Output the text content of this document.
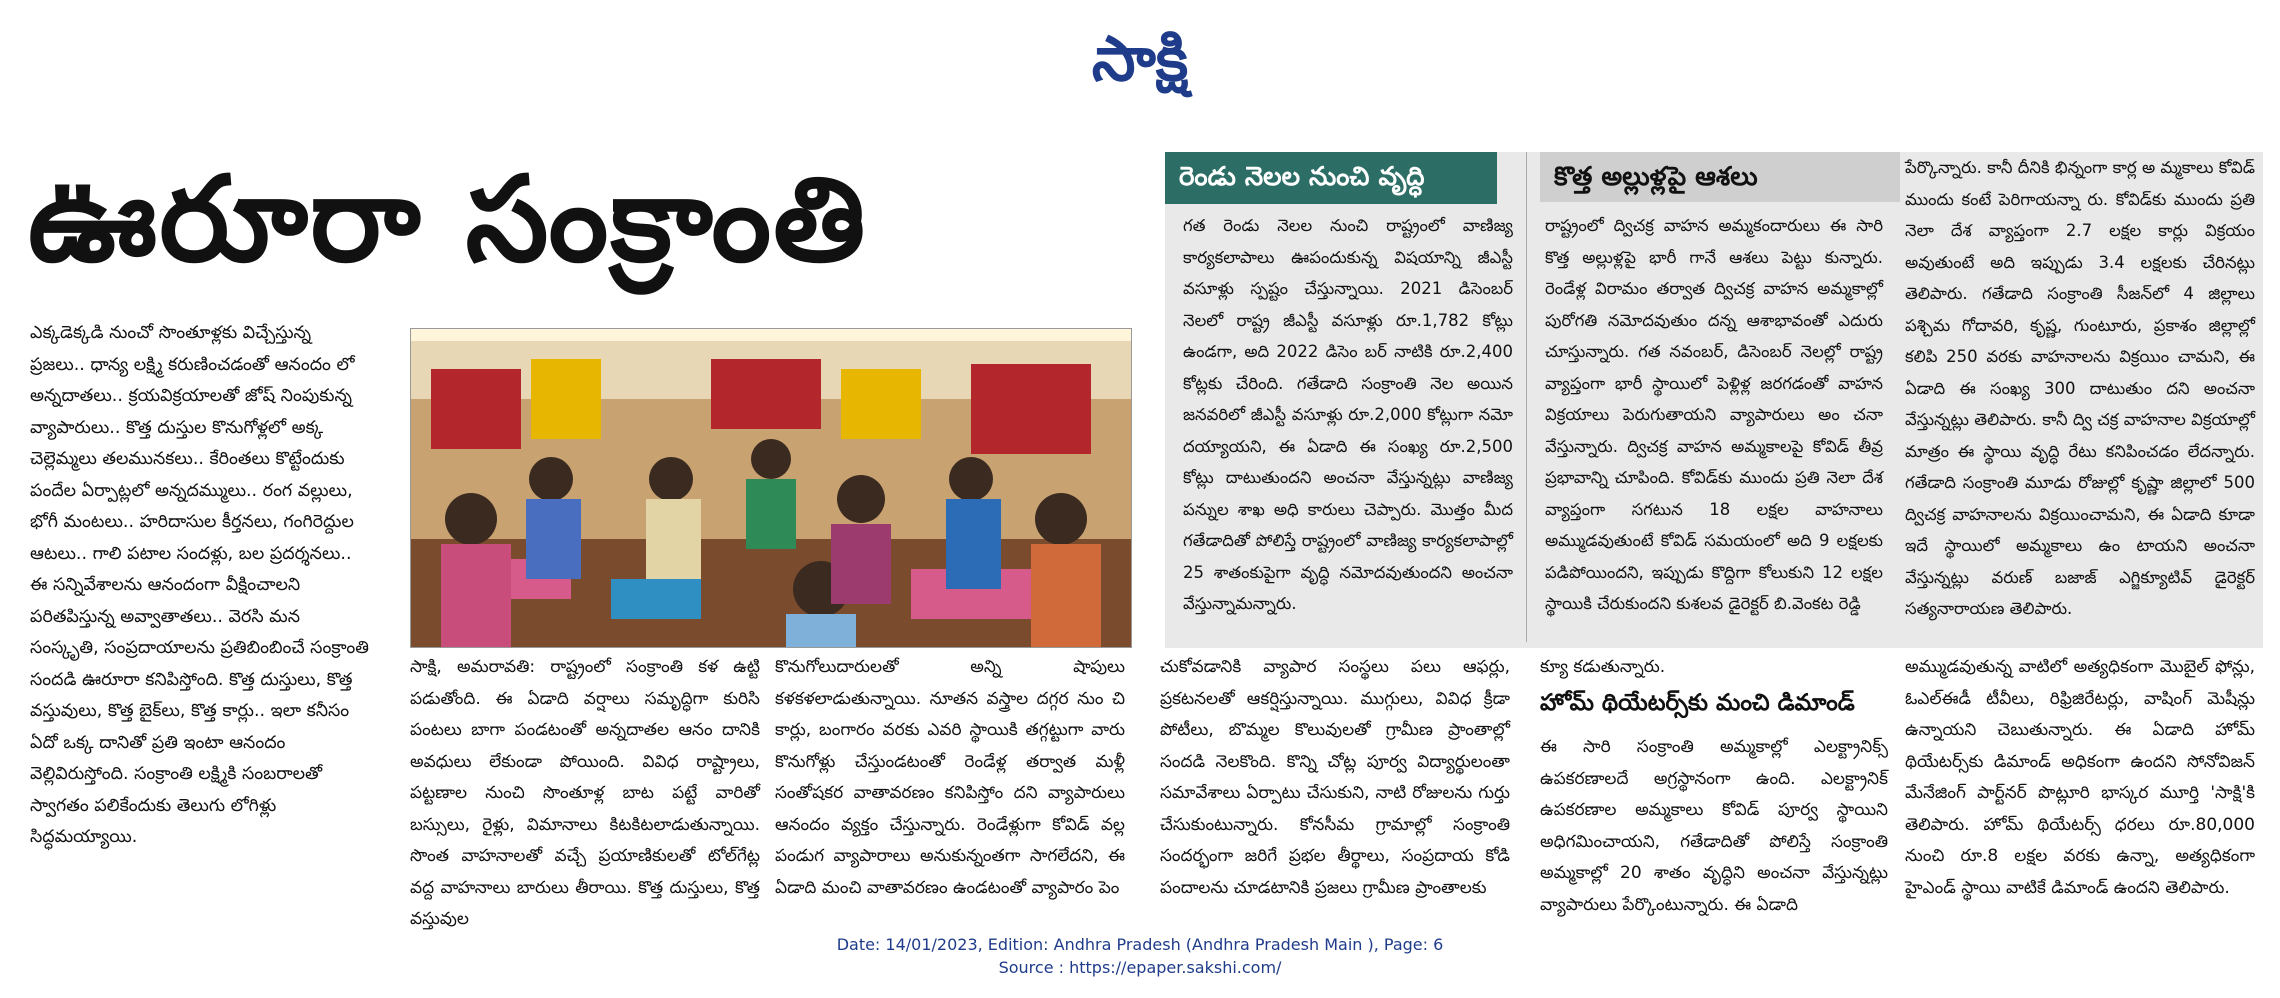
సాక్షి
ఊరూరా సంక్రాంతి
ఎక్కడెక్కడి నుంచో సొంతూళ్లకు విచ్చేస్తున్న ప్రజలు.. ధాన్య లక్ష్మి కరుణించడంతో ఆనందం లో అన్నదాతలు.. క్రయవిక్రయాలతో జోష్ నింపుకున్న వ్యాపారులు.. కొత్త దుస్తుల కొనుగోళ్లలో అక్క చెల్లెమ్మలు తలమునకలు.. కేరింతలు కొట్టేందుకు పందేల ఏర్పాట్లలో అన్నదమ్ములు.. రంగ వల్లులు, భోగీ మంటలు.. హరిదాసుల కీర్తనలు, గంగిరెద్దుల ఆటలు.. గాలి పటాల సందళ్లు, బల ప్రదర్శనలు.. ఈ సన్నివేశాలను ఆనందంగా వీక్షించాలని పరితపిస్తున్న అవ్వాతాతలు.. వెరసి మన సంస్కృతి, సంప్రదాయాలను ప్రతిబింబించే సంక్రాంతి సందడి ఊరూరా కనిపిస్తోంది. కొత్త దుస్తులు, కొత్త వస్తువులు, కొత్త బైక్‌లు, కొత్త కార్లు.. ఇలా కనీసం ఏదో ఒక్క దానితో ప్రతి ఇంటా ఆనందం వెల్లివిరుస్తోంది. సంక్రాంతి లక్ష్మికి సంబరాలతో స్వాగతం పలికేందుకు తెలుగు లోగిళ్లు సిద్ధమయ్యాయి.
సాక్షి, అమరావతి: రాష్ట్రంలో సంక్రాంతి కళ ఉట్టి పడుతోంది. ఈ ఏడాది వర్షాలు సమృద్ధిగా కురిసి పంటలు బాగా పండటంతో అన్నదాతల ఆనం దానికి అవధులు లేకుండా పోయింది. వివిధ రాష్ట్రాలు, పట్టణాల నుంచి సొంతూళ్ల బాట పట్టే వారితో బస్సులు, రైళ్లు, విమానాలు కిటకిటలాడుతున్నాయి. సొంత వాహనాలతో వచ్చే ప్రయాణికులతో టోల్‌గేట్ల వద్ద వాహనాలు బారులు తీరాయి. కొత్త దుస్తులు, కొత్త వస్తువుల
కొనుగోలుదారులతో అన్ని షాపులు కళకళలాడుతున్నాయి. నూతన వస్త్రాల దగ్గర నుం చి కార్లు, బంగారం వరకు ఎవరి స్థాయికి తగ్గట్టుగా వారు కొనుగోళ్లు చేస్తుండటంతో రెండేళ్ల తర్వాత మళ్లీ సంతోషకర వాతావరణం కనిపిస్తోం దని వ్యాపారులు ఆనందం వ్యక్తం చేస్తున్నారు. రెండేళ్లుగా కోవిడ్ వల్ల పండుగ వ్యాపారాలు అనుకున్నంతగా సాగలేదని, ఈ ఏడాది మంచి వాతావరణం ఉండటంతో వ్యాపారం పెం
చుకోవడానికి వ్యాపార సంస్థలు పలు ఆఫర్లు, ప్రకటనలతో ఆకర్షిస్తున్నాయి. ముగ్గులు, వివిధ క్రీడా పోటీలు, బొమ్మల కొలువులతో గ్రామీణ ప్రాంతాల్లో సందడి నెలకొంది. కొన్ని చోట్ల పూర్వ విద్యార్థులంతా సమావేశాలు ఏర్పాటు చేసుకుని, నాటి రోజులను గుర్తు చేసుకుంటున్నారు. కోనసీమ గ్రామాల్లో సంక్రాంతి సందర్భంగా జరిగే ప్రభల తీర్థాలు, సంప్రదాయ కోడి పందాలను చూడటానికి ప్రజలు గ్రామీణ ప్రాంతాలకు
క్యూ కడుతున్నారు.
హోమ్ థియేటర్స్‌కు మంచి డిమాండ్
ఈ సారి సంక్రాంతి అమ్మకాల్లో ఎలక్ట్రానిక్స్ ఉపకరణాలదే అగ్రస్థానంగా ఉంది. ఎలక్ట్రానిక్ ఉపకరణాల అమ్మకాలు కోవిడ్ పూర్వ స్థాయిని అధిగమించాయని, గతేడాదితో పోలిస్తే సంక్రాంతి అమ్మకాల్లో 20 శాతం వృద్ధిని అంచనా వేస్తున్నట్లు వ్యాపారులు పేర్కొంటున్నారు. ఈ ఏడాది
అమ్ముడవుతున్న వాటిలో అత్యధికంగా మొబైల్ ఫోన్లు, ఓఎల్ఈడీ టీవీలు, రిఫ్రిజిరేటర్లు, వాషింగ్ మెషీన్లు ఉన్నాయని చెబుతున్నారు. ఈ ఏడాది హోమ్ థియేటర్స్‌కు డిమాండ్ అధికంగా ఉందని సోనోవిజన్ మేనేజింగ్ పార్ట్‌నర్ పొట్లూరి భాస్కర మూర్తి 'సాక్షి'కి తెలిపారు. హోమ్ థియేటర్స్ ధరలు రూ.80,000 నుంచి రూ.8 లక్షల వరకు ఉన్నా, అత్యధికంగా హైఎండ్ స్థాయి వాటికే డిమాండ్ ఉందని తెలిపారు.
రెండు నెలల నుంచి వృద్ధి
గత రెండు నెలల నుంచి రాష్ట్రంలో వాణిజ్య కార్యకలాపాలు ఊపందుకున్న విషయాన్ని జీఎస్టీ వసూళ్లు స్పష్టం చేస్తున్నాయి. 2021 డిసెంబర్ నెలలో రాష్ట్ర జీఎస్టీ వసూళ్లు రూ.1,782 కోట్లు ఉండగా, అది 2022 డిసెం బర్ నాటికి రూ.2,400 కోట్లకు చేరింది. గతేడాది సంక్రాంతి నెల అయిన జనవరిలో జీఎస్టీ వసూళ్లు రూ.2,000 కోట్లుగా నమో దయ్యాయని, ఈ ఏడాది ఈ సంఖ్య రూ.2,500 కోట్లు దాటుతుందని అంచనా వేస్తున్నట్లు వాణిజ్య పన్నుల శాఖ అధి కారులు చెప్పారు. మొత్తం మీద గతేడాదితో పోలిస్తే రాష్ట్రంలో వాణిజ్య కార్యకలాపాల్లో 25 శాతంకుపైగా వృద్ధి నమోదవుతుందని అంచనా వేస్తున్నామన్నారు.
కొత్త అల్లుళ్లపై ఆశలు
రాష్ట్రంలో ద్విచక్ర వాహన అమ్మకందారులు ఈ సారి కొత్త అల్లుళ్లపై భారీ గానే ఆశలు పెట్టు కున్నారు. రెండేళ్ల విరామం తర్వాత ద్విచక్ర వాహన అమ్మకాల్లో పురోగతి నమోదవుతుం దన్న ఆశాభావంతో ఎదురు చూస్తున్నారు. గత నవంబర్, డిసెంబర్ నెలల్లో రాష్ట్ర వ్యాప్తంగా భారీ స్థాయిలో పెళ్లిళ్ల జరగడంతో వాహన విక్రయాలు పెరుగుతాయని వ్యాపారులు అం చనా వేస్తున్నారు. ద్విచక్ర వాహన అమ్మకాలపై కోవిడ్ తీవ్ర ప్రభావాన్ని చూపింది. కోవిడ్‌కు ముందు ప్రతి నెలా దేశ వ్యాప్తంగా సగటున 18 లక్షల వాహనాలు అమ్ముడవుతుంటే కోవిడ్ సమయంలో అది 9 లక్షలకు పడిపోయిందని, ఇప్పుడు కొద్దిగా కోలుకుని 12 లక్షల స్థాయికి చేరుకుందని కుశలవ డైరెక్టర్ బి.వెంకట రెడ్డి
పేర్కొన్నారు. కానీ దీనికి భిన్నంగా కార్ల అ మ్మకాలు కోవిడ్ ముందు కంటే పెరిగాయన్నా రు. కోవిడ్‌కు ముందు ప్రతి నెలా దేశ వ్యాప్తంగా 2.7 లక్షల కార్లు విక్రయం అవుతుంటే అది ఇప్పుడు 3.4 లక్షలకు చేరినట్లు తెలిపారు. గతేడాది సంక్రాంతి సీజన్‌లో 4 జిల్లాలు పశ్చిమ గోదావరి, కృష్ణ, గుంటూరు, ప్రకాశం జిల్లాల్లో కలిపి 250 వరకు వాహనాలను విక్రయిం చామని, ఈ ఏడాది ఈ సంఖ్య 300 దాటుతుం దని అంచనా వేస్తున్నట్లు తెలిపారు. కానీ ద్వి చక్ర వాహనాల విక్రయాల్లో మాత్రం ఈ స్థాయి వృద్ధి రేటు కనిపించడం లేదన్నారు. గతేడాది సంక్రాంతి మూడు రోజుల్లో కృష్ణా జిల్లాలో 500 ద్విచక్ర వాహనాలను విక్రయించామని, ఈ ఏడాది కూడా ఇదే స్థాయిలో అమ్మకాలు ఉం టాయని అంచనా వేస్తున్నట్లు వరుణ్ బజాజ్ ఎగ్జిక్యూటివ్ డైరెక్టర్ సత్యనారాయణ తెలిపారు.
Date: 14/01/2023, Edition: Andhra Pradesh (Andhra Pradesh Main ), Page: 6
Source : https://epaper.sakshi.com/
